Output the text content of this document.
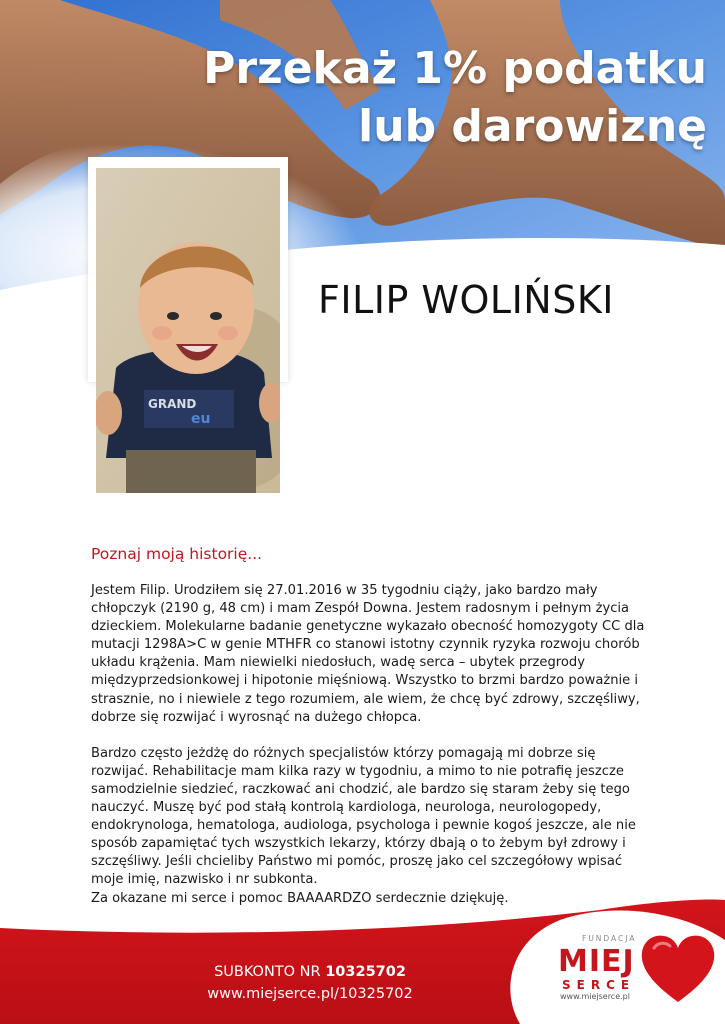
Przekaż 1% podatku
lub darowiznę
GRAND
eu
FILIP WOLIŃSKI
Poznaj moją historię...

Jestem Filip. Urodziłem się 27.01.2016 w 35 tygodniu ciąży, jako bardzo mały chłopczyk (2190 g, 48 cm) i mam Zespół Downa. Jestem radosnym i pełnym życia dzieckiem. Molekularne badanie genetyczne wykazało obecność homozygoty CC dla mutacji 1298A>C w genie MTHFR co stanowi istotny czynnik ryzyka rozwoju chorób układu krążenia. Mam niewielki niedosłuch, wadę serca – ubytek przegrody międzyprzedsionkowej i hipotonie mięśniową. Wszystko to brzmi bardzo poważnie i strasznie, no i niewiele z tego rozumiem, ale wiem, że chcę być zdrowy, szczęśliwy, dobrze się rozwijać i wyrosnąć na dużego chłopca.

Bardzo często jeżdżę do różnych specjalistów którzy pomagają mi dobrze się rozwijać. Rehabilitacje mam kilka razy w tygodniu, a mimo to nie potrafię jeszcze samodzielnie siedzieć, raczkować ani chodzić, ale bardzo się staram żeby się tego nauczyć. Muszę być pod stałą kontrolą kardiologa, neurologa, neurologopedy, endokrynologa, hematologa, audiologa, psychologa i pewnie kogoś jeszcze, ale nie sposób zapamiętać tych wszystkich lekarzy, którzy dbają o to żebym był zdrowy i szczęśliwy. Jeśli chcieliby Państwo mi pomóc, proszę jako cel szczegółowy wpisać moje imię, nazwisko i nr subkonta.

Za okazane mi serce i pomoc BAAAARDZO serdecznie dziękuję.

SUBKONTO NR 10325702
www.miejserce.pl/10325702
FUNDACJA
MIEJ
SERCE
www.miejserce.pl
